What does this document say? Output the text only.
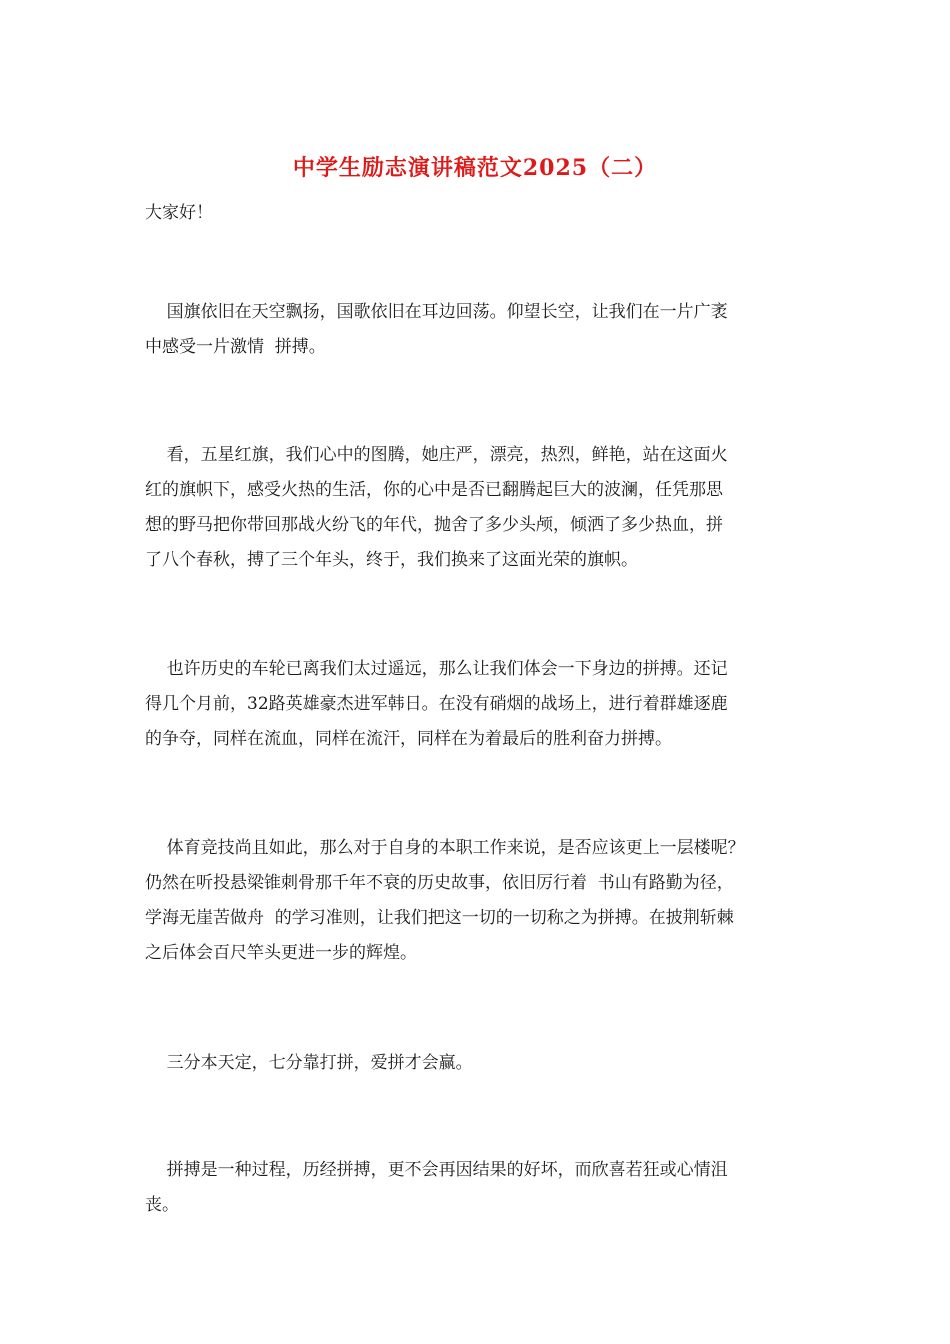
中学生励志演讲稿范文2025（二）

大家好！

国旗依旧在天空飘扬，国歌依旧在耳边回荡。仰望长空，让我们在一片广袤
中感受一片激情  拼搏。

看，五星红旗，我们心中的图腾，她庄严，漂亮，热烈，鲜艳，站在这面火
红的旗帜下，感受火热的生活，你的心中是否已翻腾起巨大的波澜，任凭那思
想的野马把你带回那战火纷飞的年代，抛舍了多少头颅，倾洒了多少热血，拼
了八个春秋，搏了三个年头，终于，我们换来了这面光荣的旗帜。

也许历史的车轮已离我们太过遥远，那么让我们体会一下身边的拼搏。还记
得几个月前，32路英雄豪杰进军韩日。在没有硝烟的战场上，进行着群雄逐鹿
的争夺，同样在流血，同样在流汗，同样在为着最后的胜利奋力拼搏。

体育竞技尚且如此，那么对于自身的本职工作来说，是否应该更上一层楼呢？
仍然在听投悬梁锥刺骨那千年不衰的历史故事，依旧厉行着  书山有路勤为径，
学海无崖苦做舟  的学习准则，让我们把这一切的一切称之为拼搏。在披荆斩棘
之后体会百尺竿头更进一步的辉煌。

三分本天定，七分靠打拼，爱拼才会赢。

拼搏是一种过程，历经拼搏，更不会再因结果的好坏，而欣喜若狂或心情沮
丧。
